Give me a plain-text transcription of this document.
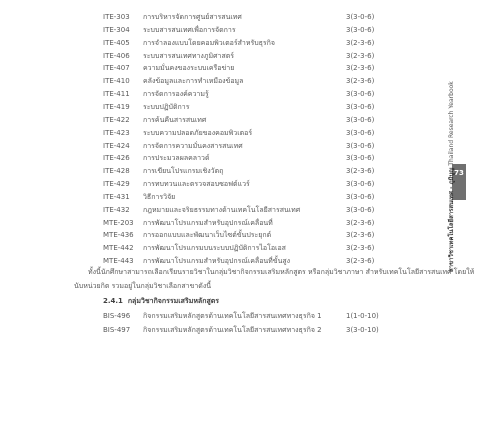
ITE-303 การบริหารจัดการศูนย์สารสนเทศ	3(3-0-6)
ITE-304 ระบบสารสนเทศเพื่อการจัดการ	3(3-0-6)
ITE-405 การจำลองแบบโดยคอมพิวเตอร์สำหรับธุรกิจ	3(2-3-6)
ITE-406 ระบบสารสนเทศทางภูมิศาสตร์	3(2-3-6)
ITE-407 ความมั่นคงของระบบเครือข่าย	3(2-3-6)
ITE-410 คลังข้อมูลและการทำเหมืองข้อมูล	3(2-3-6)
ITE-411 การจัดการองค์ความรู้	3(3-0-6)
ITE-419 ระบบปฏิบัติการ	3(3-0-6)
ITE-422 การค้นคืนสารสนเทศ	3(3-0-6)
ITE-423 ระบบความปลอดภัยของคอมพิวเตอร์	3(3-0-6)
ITE-424 การจัดการความมั่นคงสารสนเทศ	3(3-0-6)
ITE-426 การประมวลผลคลาวด์	3(3-0-6)
ITE-428 การเขียนโปรแกรมเชิงวัตถุ	3(2-3-6)
ITE-429 การทบทวนและตรวจสอบซอฟต์แวร์	3(3-0-6)
ITE-431 วิธีการวิจัย	3(3-0-6)
ITE-432 กฎหมายและจริยธรรมทางด้านเทคโนโลยีสารสนเทศ	3(3-0-6)
MTE-203 การพัฒนาโปรแกรมสำหรับอุปกรณ์เคลื่อนที่	3(2-3-6)
MTE-436 การออกแบบและพัฒนาเว็บไซต์ขั้นประยุกต์	3(2-3-6)
MTE-442 การพัฒนาโปรแกรมบนระบบปฏิบัติการไอโอเอส	3(2-3-6)
MTE-443 การพัฒนาโปรแกรมสำหรับอุปกรณ์เคลื่อนที่ขั้นสูง	3(2-3-6)
ทั้งนี้นักศึกษาสามารถเลือกเรียนรายวิชาในกลุ่มวิชากิจกรรมเสริมหลักสูตร หรือกลุ่มวิชาภาษา สำหรับเทคโนโลยีสารสนเทศ โดยให้
นับหน่วยกิต รวมอยู่ในกลุ่มวิชาเลือกสาขาดังนี้
2.4.1 กลุ่มวิชากิจกรรมเสริมหลักสูตร
BIS-496 กิจกรรมเสริมหลักสูตรด้านเทคโนโลยีสารสนเทศทางธุรกิจ 1	1(1-0-10)
BIS-497 กิจกรรมเสริมหลักสูตรด้านเทคโนโลยีสารสนเทศทางธุรกิจ 2	3(3-0-10)
73
สาขาวิชาเทคโนโลยีสารสนเทศ - ภูมิบูญ Thailand Research Yearbook
